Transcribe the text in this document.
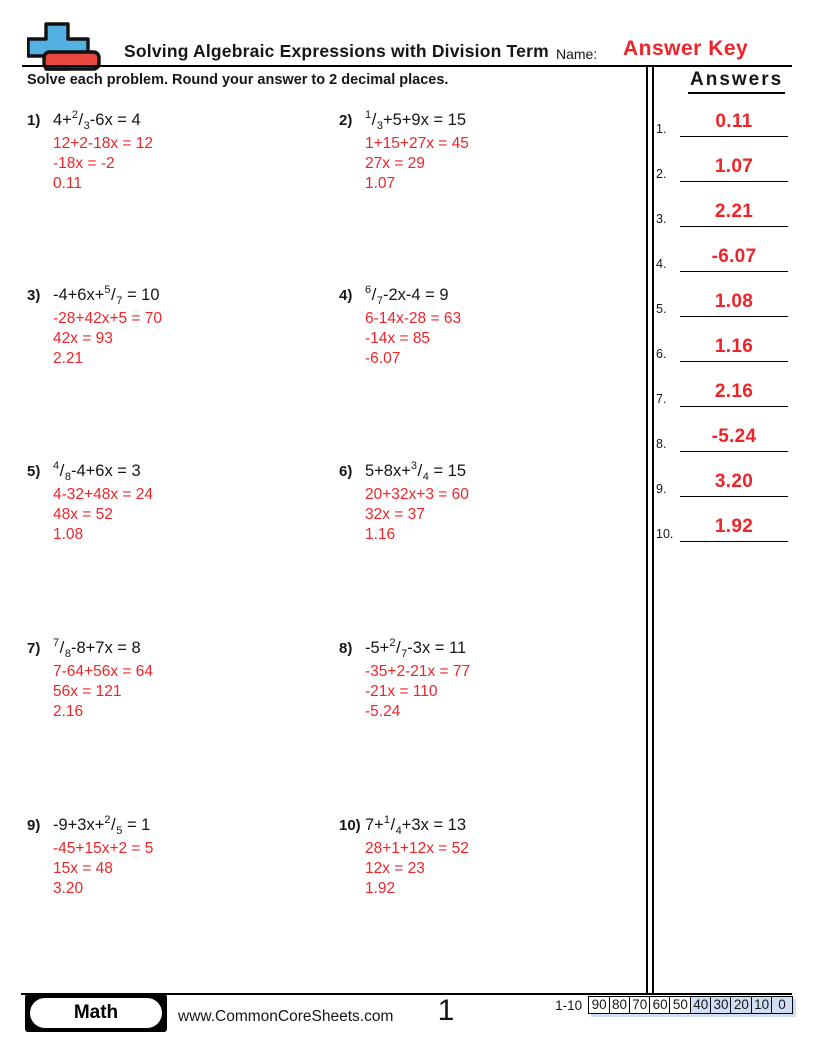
Solving Algebraic Expressions with Division Term Name: Answer Key
Solve each problem. Round your answer to 2 decimal places.	Answers
1.	0.11
2.	1.07
3.	2.21
4.	-6.07
5.	1.08
6.	1.16
7.	2.16
8.	-5.24
9.	3.20
10.	1.92
1) $4+^2/_3-6x = 4$
12+2-18x = 12
-18x = -2
0.11
2) $^1/_3+5+9x = 15$
1+15+27x = 45
27x = 29
1.07
3) $-4+6x+^5/_7 = 10$
-28+42x+5 = 70
42x = 93
2.21
4) $^6/_7-2x-4 = 9$
6-14x-28 = 63
-14x = 85
-6.07
5) $^4/_8-4+6x = 3$
4-32+48x = 24
48x = 52
1.08
6) $5+8x+^3/_4 = 15$
20+32x+3 = 60
32x = 37
1.16
7) $^7/_8-8+7x = 8$
7-64+56x = 64
56x = 121
2.16
8) $-5+^2/_7-3x = 11$
-35+2-21x = 77
-21x = 110
-5.24
9) $-9+3x+^2/_5 = 1$
-45+15x+2 = 5
15x = 48
3.20
10) $7+^1/_4+3x = 13$
28+1+12x = 52
12x = 23
1.92
Math	www.CommonCoreSheets.com	1	1-10 90 80 70 60 50 40 30 20 10 0
